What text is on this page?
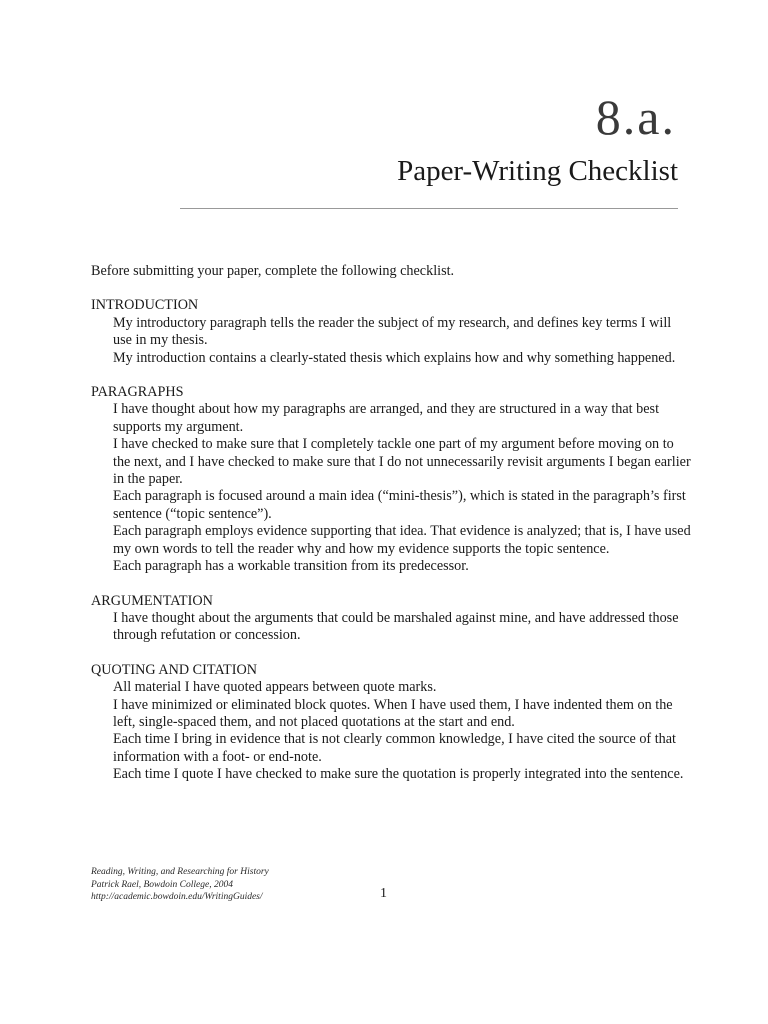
8.a.
Paper-Writing Checklist

Before submitting your paper, complete the following checklist.

INTRODUCTION

My introductory paragraph tells the reader the subject of my research, and defines key terms I will use in my thesis.

My introduction contains a clearly-stated thesis which explains how and why something happened.

PARAGRAPHS

I have thought about how my paragraphs are arranged, and they are structured in a way that best supports my argument.

I have checked to make sure that I completely tackle one part of my argument before moving on to the next, and I have checked to make sure that I do not unnecessarily revisit arguments I began earlier in the paper.

Each paragraph is focused around a main idea (“mini-thesis”), which is stated in the paragraph’s first sentence (“topic sentence”).

Each paragraph employs evidence supporting that idea. That evidence is analyzed; that is, I have used my own words to tell the reader why and how my evidence supports the topic sentence.

Each paragraph has a workable transition from its predecessor.

ARGUMENTATION

I have thought about the arguments that could be marshaled against mine, and have addressed those through refutation or concession.

QUOTING AND CITATION

All material I have quoted appears between quote marks.

I have minimized or eliminated block quotes. When I have used them, I have indented them on the left, single-spaced them, and not placed quotations at the start and end.

Each time I bring in evidence that is not clearly common knowledge, I have cited the source of that information with a foot- or end-note.

Each time I quote I have checked to make sure the quotation is properly integrated into the sentence.

Reading, Writing, and Researching for History
Patrick Rael, Bowdoin College, 2004
http://academic.bowdoin.edu/WritingGuides/	1
